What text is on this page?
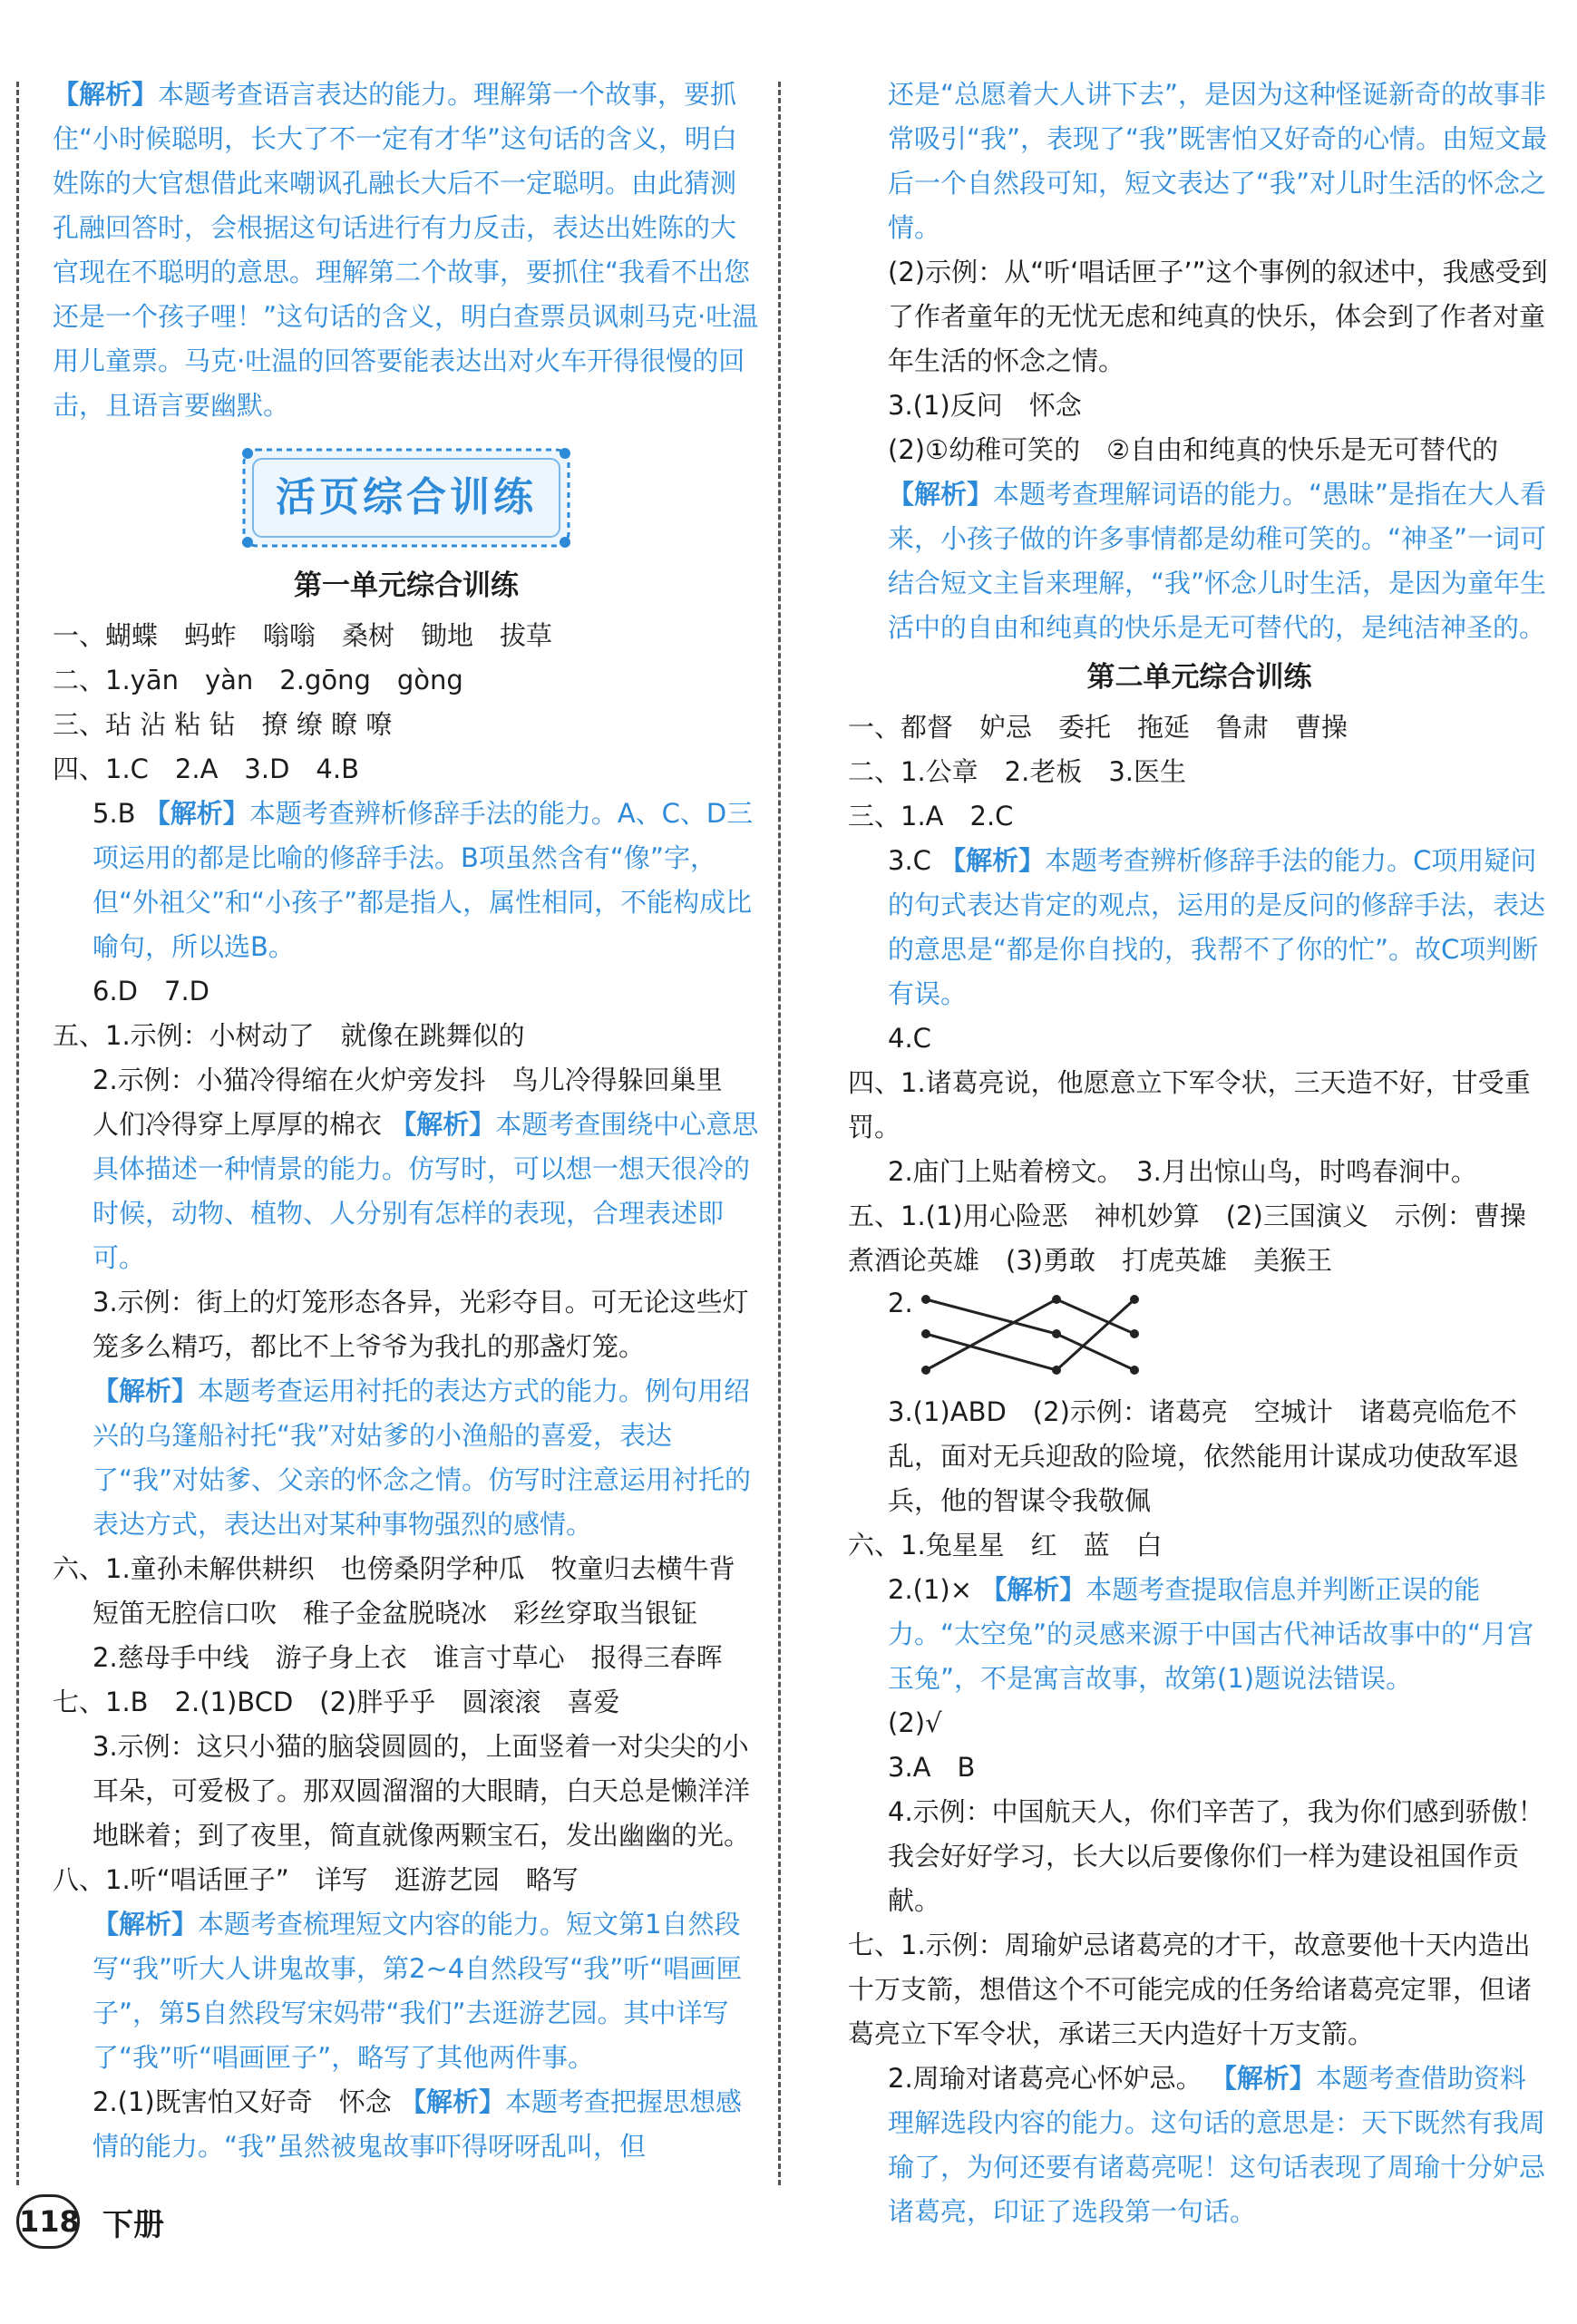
【解析】本题考查语言表达的能力。理解第一个故事，要抓住“小时候聪明，长大了不一定有才华”这句话的含义，明白姓陈的大官想借此来嘲讽孔融长大后不一定聪明。由此猜测孔融回答时，会根据这句话进行有力反击，表达出姓陈的大官现在不聪明的意思。理解第二个故事，要抓住“我看不出您还是一个孩子哩！”这句话的含义，明白查票员讽刺马克·吐温用儿童票。马克·吐温的回答要能表达出对火车开得很慢的回击，且语言要幽默。

活页综合训练
第一单元综合训练

一、蝴蝶　蚂蚱　嗡嗡　桑树　锄地　拔草

二、1.yān　yàn　2.gōng　gòng

三、玷 沾 粘 钻　撩 缭 瞭 嘹

四、1.C　2.A　3.D　4.B

5.B 【解析】本题考查辨析修辞手法的能力。A、C、D三项运用的都是比喻的修辞手法。B项虽然含有“像”字，但“外祖父”和“小孩子”都是指人，属性相同，不能构成比喻句，所以选B。

6.D　7.D

五、1.示例：小树动了　就像在跳舞似的

2.示例：小猫冷得缩在火炉旁发抖　鸟儿冷得躲回巢里　人们冷得穿上厚厚的棉衣 【解析】本题考查围绕中心意思具体描述一种情景的能力。仿写时，可以想一想天很冷的时候，动物、植物、人分别有怎样的表现，合理表述即可。

3.示例：街上的灯笼形态各异，光彩夺目。可无论这些灯笼多么精巧，都比不上爷爷为我扎的那盏灯笼。

【解析】本题考查运用衬托的表达方式的能力。例句用绍兴的乌篷船衬托“我”对姑爹的小渔船的喜爱，表达了“我”对姑爹、父亲的怀念之情。仿写时注意运用衬托的表达方式，表达出对某种事物强烈的感情。

六、1.童孙未解供耕织　也傍桑阴学种瓜　牧童归去横牛背

短笛无腔信口吹　稚子金盆脱晓冰　彩丝穿取当银钲

2.慈母手中线　游子身上衣　谁言寸草心　报得三春晖

七、1.B　2.(1)BCD　(2)胖乎乎　圆滚滚　喜爱

3.示例：这只小猫的脑袋圆圆的，上面竖着一对尖尖的小耳朵，可爱极了。那双圆溜溜的大眼睛，白天总是懒洋洋地眯着；到了夜里，简直就像两颗宝石，发出幽幽的光。

八、1.听“唱话匣子”　详写　逛游艺园　略写

【解析】本题考查梳理短文内容的能力。短文第1自然段写“我”听大人讲鬼故事，第2~4自然段写“我”听“唱画匣子”，第5自然段写宋妈带“我们”去逛游艺园。其中详写了“我”听“唱画匣子”，略写了其他两件事。

2.(1)既害怕又好奇　怀念 【解析】本题考查把握思想感情的能力。“我”虽然被鬼故事吓得呀呀乱叫，但

还是“总愿着大人讲下去”，是因为这种怪诞新奇的故事非常吸引“我”，表现了“我”既害怕又好奇的心情。由短文最后一个自然段可知，短文表达了“我”对儿时生活的怀念之情。

(2)示例：从“听‘唱话匣子’”这个事例的叙述中，我感受到了作者童年的无忧无虑和纯真的快乐，体会到了作者对童年生活的怀念之情。

3.(1)反问　怀念

(2)①幼稚可笑的　②自由和纯真的快乐是无可替代的 【解析】本题考查理解词语的能力。“愚昧”是指在大人看来，小孩子做的许多事情都是幼稚可笑的。“神圣”一词可结合短文主旨来理解，“我”怀念儿时生活，是因为童年生活中的自由和纯真的快乐是无可替代的，是纯洁神圣的。

第二单元综合训练

一、都督　妒忌　委托　拖延　鲁肃　曹操

二、1.公章　2.老板　3.医生

三、1.A　2.C

3.C 【解析】本题考查辨析修辞手法的能力。C项用疑问的句式表达肯定的观点，运用的是反问的修辞手法，表达的意思是“都是你自找的，我帮不了你的忙”。故C项判断有误。

4.C

四、1.诸葛亮说，他愿意立下军令状，三天造不好，甘受重罚。

2.庙门上贴着榜文。　3.月出惊山鸟，时鸣春涧中。

五、1.(1)用心险恶　神机妙算　(2)三国演义　示例：曹操煮酒论英雄　(3)勇敢　打虎英雄　美猴王

2.

3.(1)ABD　(2)示例：诸葛亮　空城计　诸葛亮临危不乱，面对无兵迎敌的险境，依然能用计谋成功使敌军退兵，他的智谋令我敬佩

六、1.兔星星　红　蓝　白

2.(1)× 【解析】本题考查提取信息并判断正误的能力。“太空兔”的灵感来源于中国古代神话故事中的“月宫玉兔”，不是寓言故事，故第(1)题说法错误。

(2)√

3.A　B

4.示例：中国航天人，你们辛苦了，我为你们感到骄傲！我会好好学习，长大以后要像你们一样为建设祖国作贡献。

七、1.示例：周瑜妒忌诸葛亮的才干，故意要他十天内造出十万支箭，想借这个不可能完成的任务给诸葛亮定罪，但诸葛亮立下军令状，承诺三天内造好十万支箭。

2.周瑜对诸葛亮心怀妒忌。 【解析】本题考查借助资料理解选段内容的能力。这句话的意思是：天下既然有我周瑜了，为何还要有诸葛亮呢！这句话表现了周瑜十分妒忌诸葛亮，印证了选段第一句话。

118 下册
